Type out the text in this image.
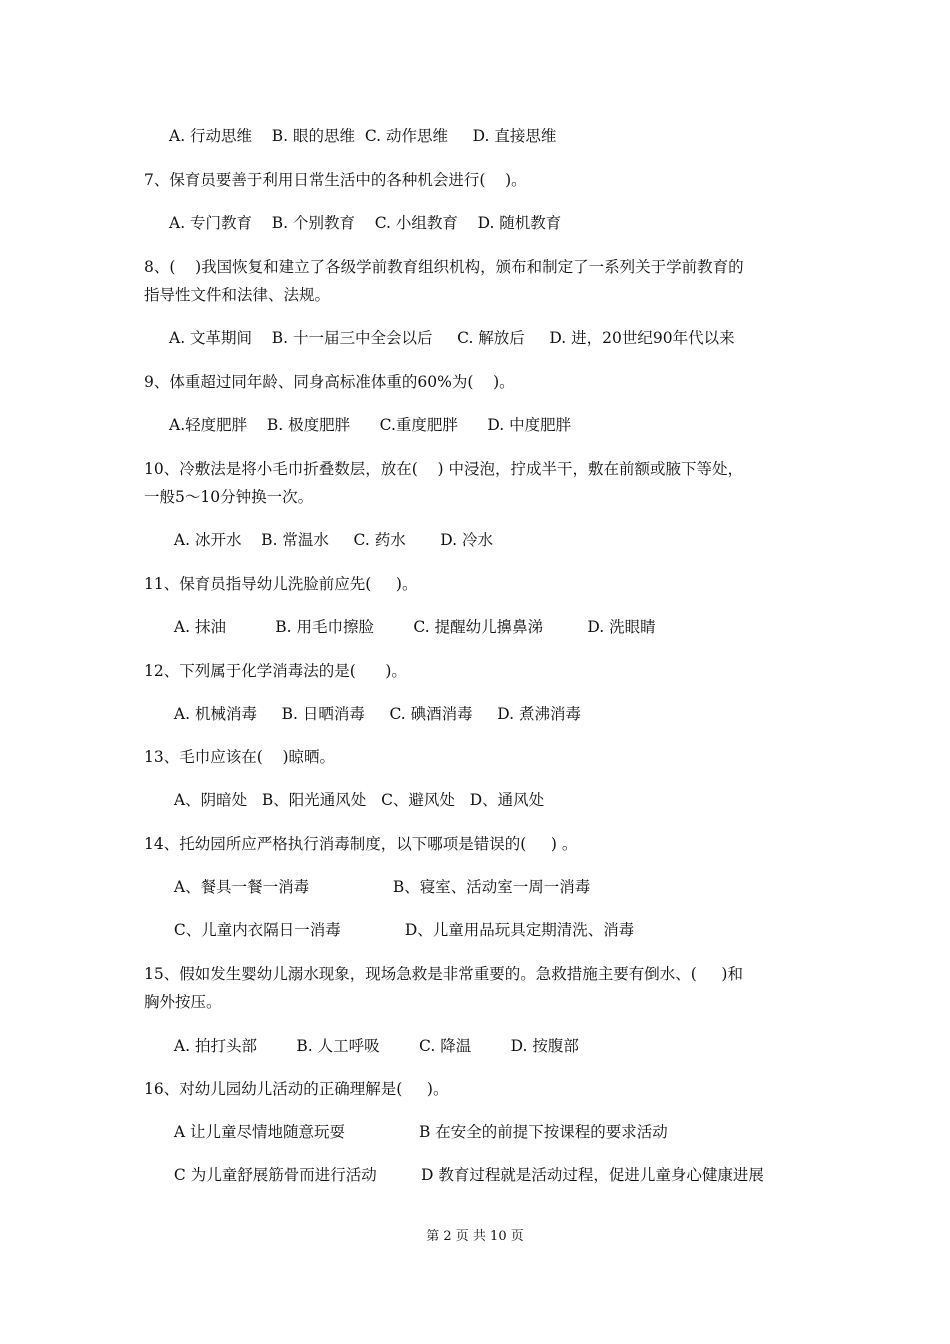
A. 行动思维    B. 眼的思维  C. 动作思维     D. 直接思维
7、保育员要善于利用日常生活中的各种机会进行(    )。
A. 专门教育    B. 个别教育    C. 小组教育    D. 随机教育
8、(    )我国恢复和建立了各级学前教育组织机构，颁布和制定了一系列关于学前教育的
指导性文件和法律、法规。
A. 文革期间    B. 十一届三中全会以后     C. 解放后     D. 进，20世纪90年代以来
9、体重超过同年龄、同身高标准体重的60%为(    )。
A.轻度肥胖    B. 极度肥胖      C.重度肥胖      D. 中度肥胖
10、冷敷法是将小毛巾折叠数层，放在(    ) 中浸泡，拧成半干，敷在前额或腋下等处，
一般5～10分钟换一次。
A. 冰开水    B. 常温水     C. 药水       D. 冷水
11、保育员指导幼儿洗脸前应先(     )。
A. 抹油          B. 用毛巾擦脸        C. 提醒幼儿擤鼻涕         D. 洗眼睛
12、下列属于化学消毒法的是(      )。
A. 机械消毒     B. 日晒消毒     C. 碘酒消毒     D. 煮沸消毒
13、毛巾应该在(    )晾晒。
A、阴暗处   B、阳光通风处   C、避风处   D、通风处
14、托幼园所应严格执行消毒制度，以下哪项是错误的(     ) 。
A、餐具一餐一消毒                 B、寝室、活动室一周一消毒
C、儿童内衣隔日一消毒             D、儿童用品玩具定期清洗、消毒
15、假如发生婴幼儿溺水现象，现场急救是非常重要的。急救措施主要有倒水、(     )和
胸外按压。
A. 拍打头部        B. 人工呼吸        C. 降温        D. 按腹部
16、对幼儿园幼儿活动的正确理解是(     )。
A 让儿童尽情地随意玩耍               B 在安全的前提下按课程的要求活动
C 为儿童舒展筋骨而进行活动         D 教育过程就是活动过程，促进儿童身心健康进展
第 2 页 共 10 页
